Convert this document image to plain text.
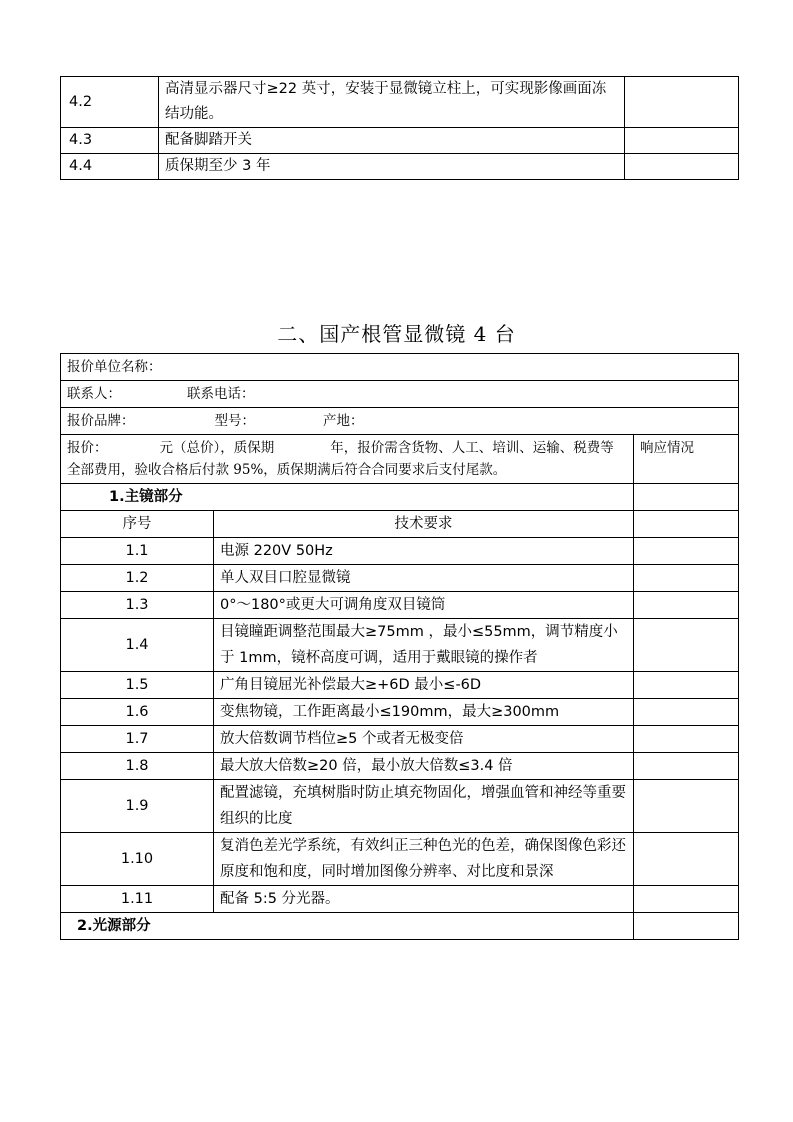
4.2	高清显示器尺寸≥22 英寸，安装于显微镜立柱上，可实现影像画面冻结功能。	
4.3	配备脚踏开关	
4.4	质保期至少 3 年	
二、国产根管显微镜 4 台
报价单位名称：		
联系人： 联系电话：		
报价品牌： 型号： 产地：		
报价： 元（总价），质保期 年，报价需含货物、人工、培训、运输、税费等全部费用，验收合格后付款 95%，质保期满后符合合同要求后支付尾款。		响应情况
1.主镜部分		
序号	技术要求	
1.1	电源 220V 50Hz	
1.2	单人双目口腔显微镜	
1.3	0°～180°或更大可调角度双目镜筒	
1.4	目镜瞳距调整范围最大≥75mm ，最小≤55mm，调节精度小于 1mm，镜杯高度可调，适用于戴眼镜的操作者	
1.5	广角目镜屈光补偿最大≥+6D 最小≤-6D	
1.6	变焦物镜，工作距离最小≤190mm，最大≥300mm	
1.7	放大倍数调节档位≥5 个或者无极变倍	
1.8	最大放大倍数≥20 倍，最小放大倍数≤3.4 倍	
1.9	配置滤镜，充填树脂时防止填充物固化，增强血管和神经等重要组织的比度	
1.10	复消色差光学系统，有效纠正三种色光的色差，确保图像色彩还原度和饱和度，同时增加图像分辨率、对比度和景深	
1.11	配备 5:5 分光器。	
2.光源部分		
